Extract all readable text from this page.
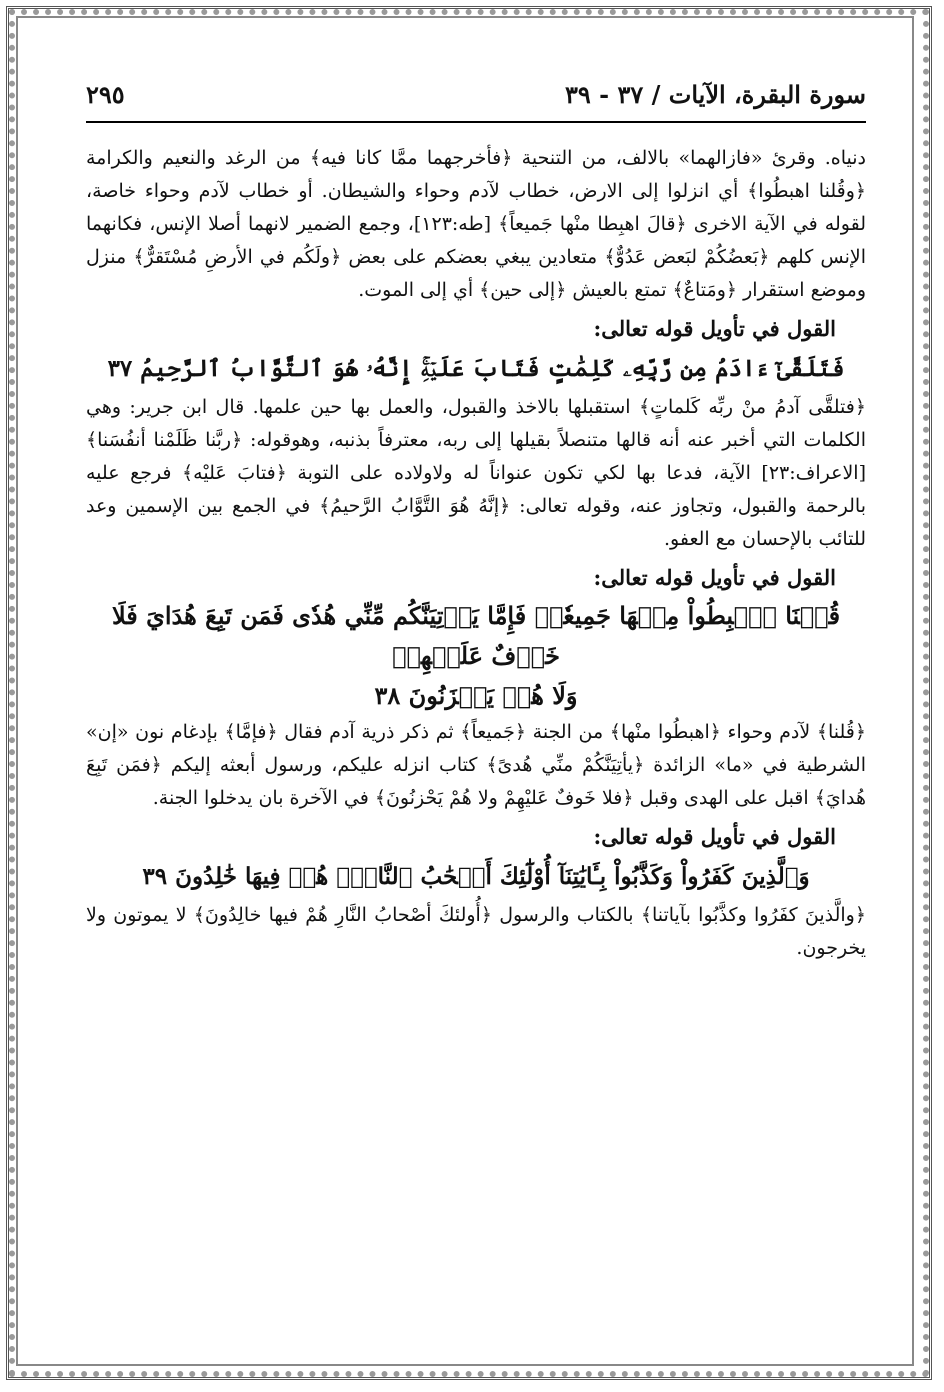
سورة البقرة، الآيات / ٣٧ - ٣٩
٢٩٥

دنياه. وقرئ «فازالهما» بالالف، من التنحية ﴿فأخرجهما ممَّا كانا فيه﴾ من الرغد والنعيم والكرامة ﴿وقُلنا اهبطُوا﴾ أي انزلوا إلى الارض، خطاب لآدم وحواء والشيطان. أو خطاب لآدم وحواء خاصة، لقوله في الآية الاخرى ﴿قالَ اهبِطا منْها جَميعاً﴾ [طه:١٢٣]، وجمع الضمير لانهما أصلا الإنس، فكانهما الإنس كلهم ﴿بَعضُكُمْ لبَعض عَدُوٌّ﴾ متعادين يبغي بعضكم على بعض ﴿ولَكُم في الأرضِ مُسْتَقرٌّ﴾ منزل وموضع استقرار ﴿ومَتاعٌ﴾ تمتع بالعيش ﴿إلى حين﴾ أي إلى الموت.

القول في تأويل قوله تعالى:

فَتَلَقَّىٰٓ ءَادَمُ مِن رَّبِّهِۦ كَلِمَٰتٍ فَتَابَ عَلَيۡهِۚ إِنَّهُۥ هُوَ ٱلتَّوَّابُ ٱلرَّحِيمُ ٣٧

﴿فتلقَّى آدمُ منْ ربِّه كَلماتٍ﴾ استقبلها بالاخذ والقبول، والعمل بها حين علمها. قال ابن جرير: وهي الكلمات التي أخبر عنه أنه قالها متنصلاً بقيلها إلى ربه، معترفاً بذنبه، وهوقوله: ﴿ربَّنا ظَلَمْنا أنفُسَنا﴾ [الاعراف:٢٣] الآية، فدعا بها لكي تكون عنواناً له ولاولاده على التوبة ﴿فتابَ عَليْه﴾ فرجع عليه بالرحمة والقبول، وتجاوز عنه، وقوله تعالى: ﴿إنَّهُ هُوَ التَّوَّابُ الرَّحيمُ﴾ في الجمع بين الإسمين وعد للتائب بالإحسان مع العفو.

القول في تأويل قوله تعالى:

قُلۡنَا ٱهۡبِطُواْ مِنۡهَا جَمِيعٗاۖ فَإِمَّا يَأۡتِيَنَّكُم مِّنِّي هُدٗى فَمَن تَبِعَ هُدَايَ فَلَا خَوۡفٌ عَلَيۡهِمۡ

وَلَا هُمۡ يَحۡزَنُونَ ٣٨

﴿قُلنا﴾ لآدم وحواء ﴿اهبطُوا منْها﴾ من الجنة ﴿جَميعاً﴾ ثم ذكر ذرية آدم فقال ﴿فإمَّا﴾ بإدغام نون «إن» الشرطية في «ما» الزائدة ﴿يأتِيَنَّكُمْ منِّي هُدىً﴾ كتاب انزله عليكم، ورسول أبعثه إليكم ﴿فمَن تَبِعَ هُدايَ﴾ اقبل على الهدى وقبل ﴿فلا خَوفٌ عَليْهِمْ ولا هُمْ يَحْزنُونَ﴾ في الآخرة بان يدخلوا الجنة.

القول في تأويل قوله تعالى:

وَٱلَّذِينَ كَفَرُواْ وَكَذَّبُواْ بِـَٔايَٰتِنَآ أُوْلَٰٓئِكَ أَصۡحَٰبُ ٱلنَّارِۖ هُمۡ فِيهَا خَٰلِدُونَ ٣٩

﴿والَّذينَ كفَرُوا وكذَّبُوا بآياتنا﴾ بالكتاب والرسول ﴿أُولئكَ أصْحابُ النَّارِ هُمْ فيها خالِدُونَ﴾ لا يموتون ولا يخرجون.
